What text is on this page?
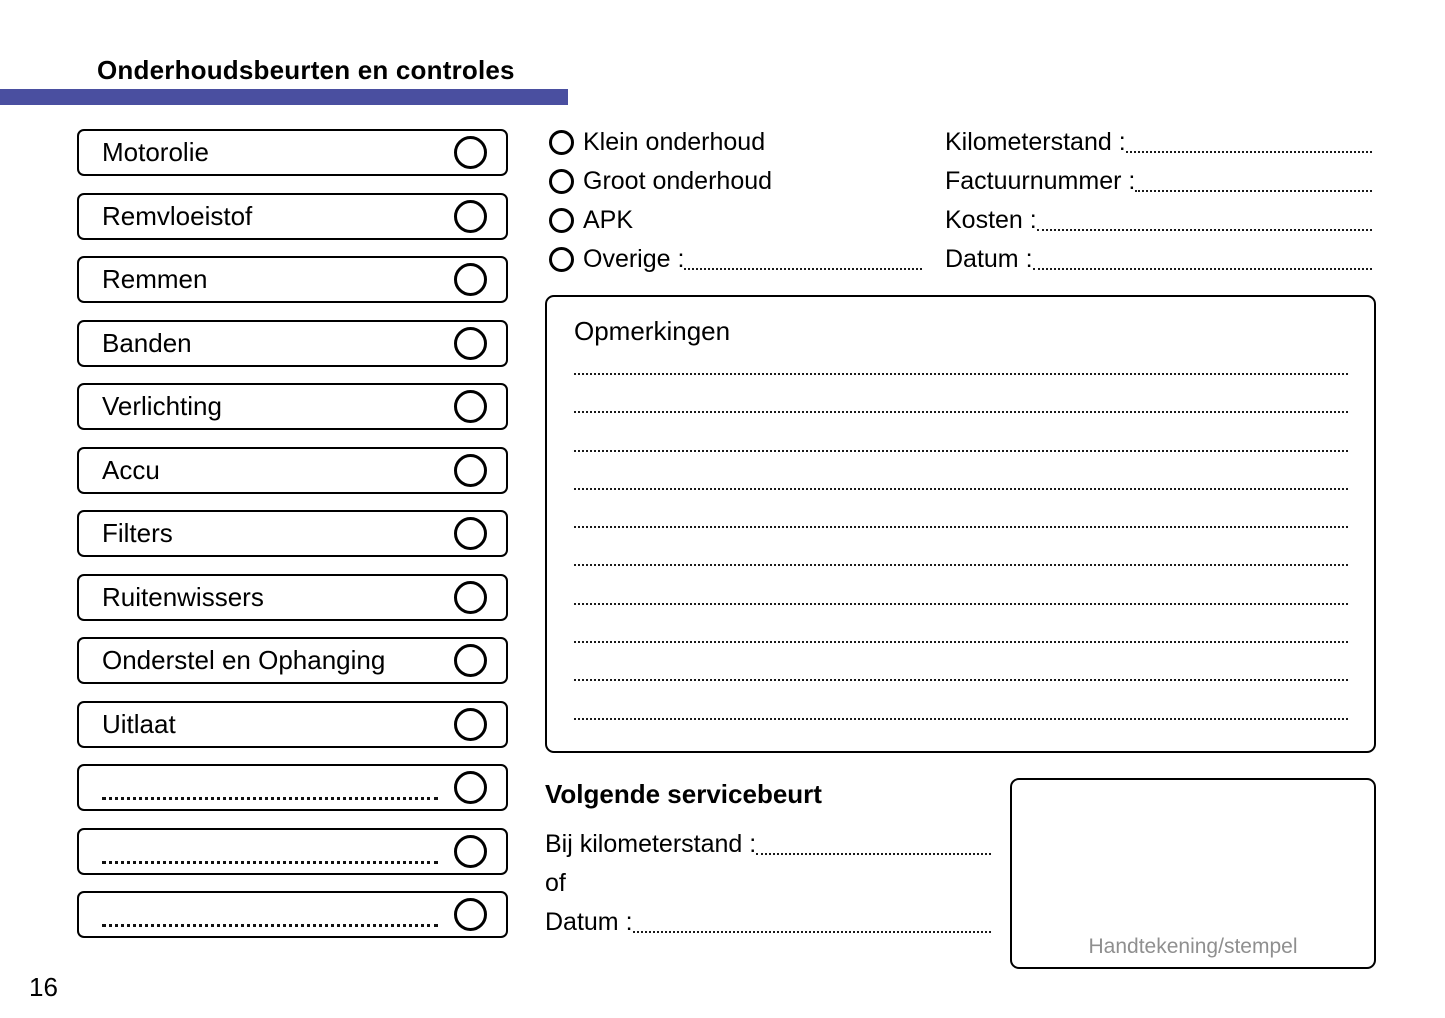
Onderhoudsbeurten en controles
Motorolie
Remvloeistof
Remmen
Banden
Verlichting
Accu
Filters
Ruitenwissers
Onderstel en Ophanging
Uitlaat
Klein onderhoud
Groot onderhoud
APK
Overige :
Kilometerstand :
Factuurnummer :
Kosten :
Datum :
Opmerkingen
Volgende servicebeurt
Bij kilometerstand :
of
Datum :
Handtekening/stempel
16
